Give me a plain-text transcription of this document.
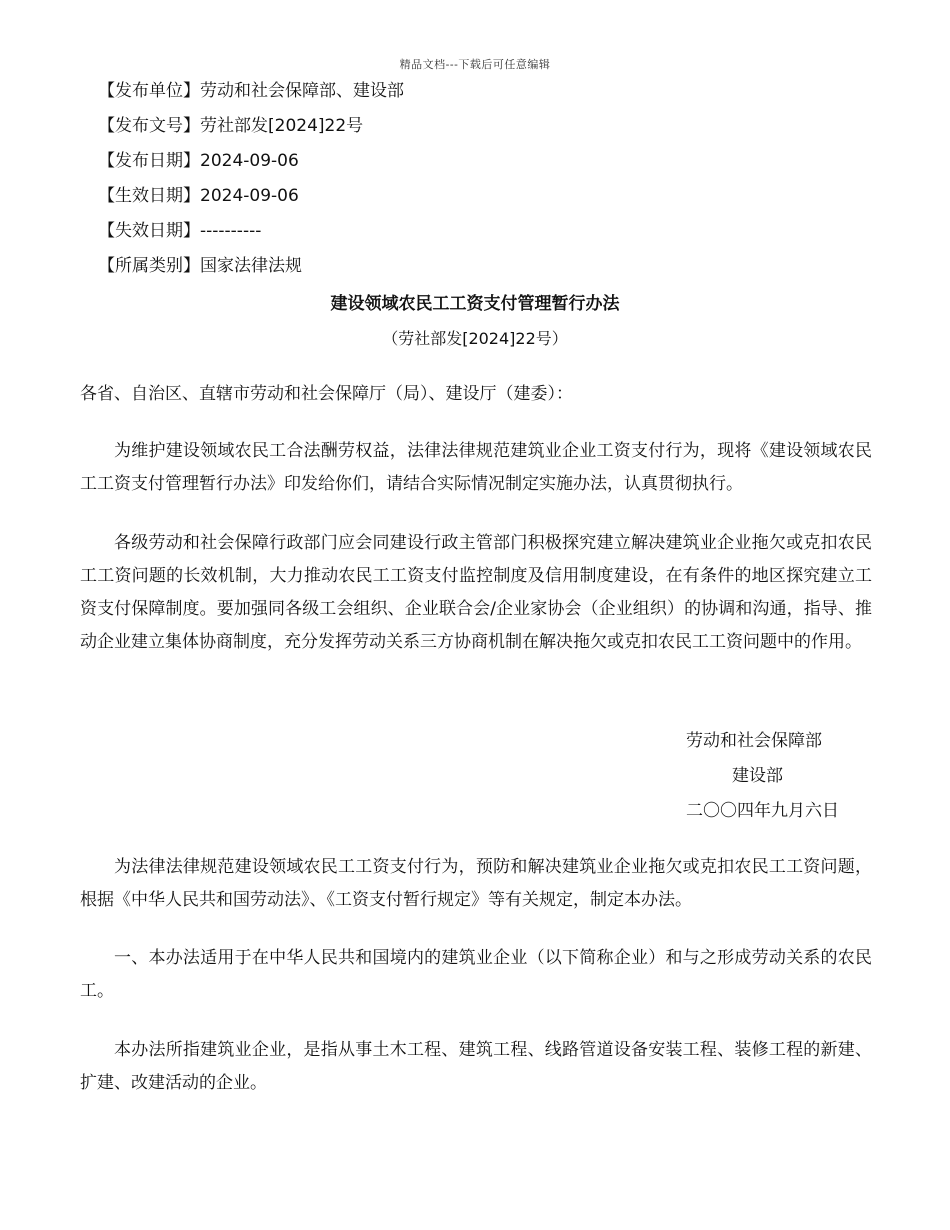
精品文档---下载后可任意编辑
【发布单位】劳动和社会保障部、建设部
【发布文号】劳社部发[2024]22号
【发布日期】2024-09-06
【生效日期】2024-09-06
【失效日期】----------
【所属类别】国家法律法规
建设领域农民工工资支付管理暂行办法
（劳社部发[2024]22号）

各省、自治区、直辖市劳动和社会保障厅（局）、建设厅（建委）：

为维护建设领域农民工合法酬劳权益，法律法律规范建筑业企业工资支付行为，现将《建设领域农民工工资支付管理暂行办法》印发给你们，请结合实际情况制定实施办法，认真贯彻执行。

各级劳动和社会保障行政部门应会同建设行政主管部门积极探究建立解决建筑业企业拖欠或克扣农民工工资问题的长效机制，大力推动农民工工资支付监控制度及信用制度建设，在有条件的地区探究建立工资支付保障制度。要加强同各级工会组织、企业联合会/企业家协会（企业组织）的协调和沟通，指导、推动企业建立集体协商制度，充分发挥劳动关系三方协商机制在解决拖欠或克扣农民工工资问题中的作用。

劳动和社会保障部
建设部
二〇〇四年九月六日

为法律法律规范建设领域农民工工资支付行为，预防和解决建筑业企业拖欠或克扣农民工工资问题，根据《中华人民共和国劳动法》、《工资支付暂行规定》等有关规定，制定本办法。

一、本办法适用于在中华人民共和国境内的建筑业企业（以下简称企业）和与之形成劳动关系的农民工。

本办法所指建筑业企业，是指从事土木工程、建筑工程、线路管道设备安装工程、装修工程的新建、扩建、改建活动的企业。
